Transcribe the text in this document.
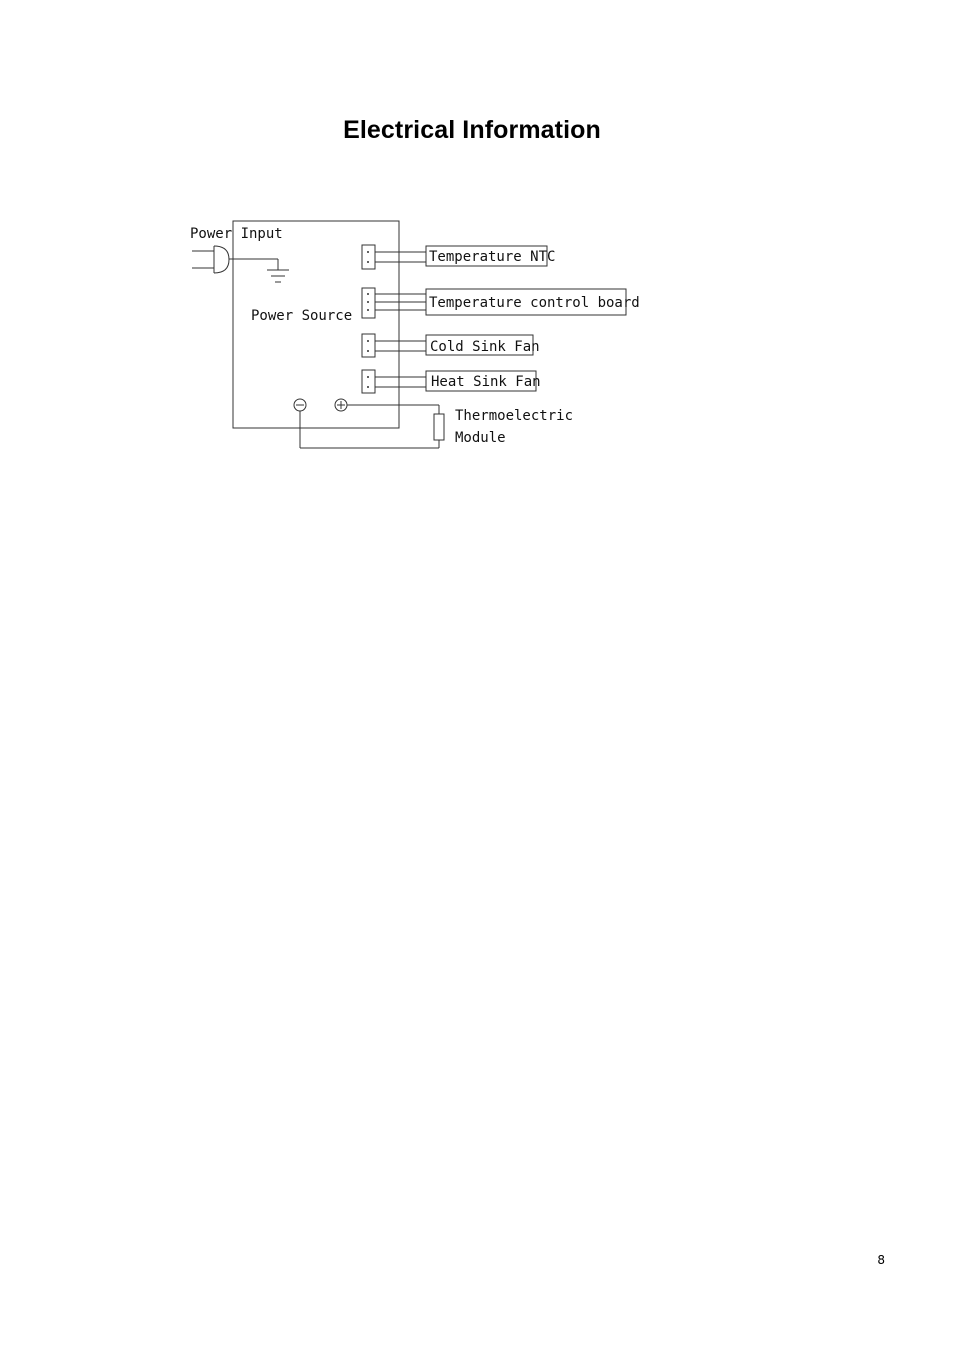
Electrical Information
Power Input
Power Source
Temperature NTC
Temperature control board
Cold Sink Fan
Heat Sink Fan
Thermoelectric
Module

8
